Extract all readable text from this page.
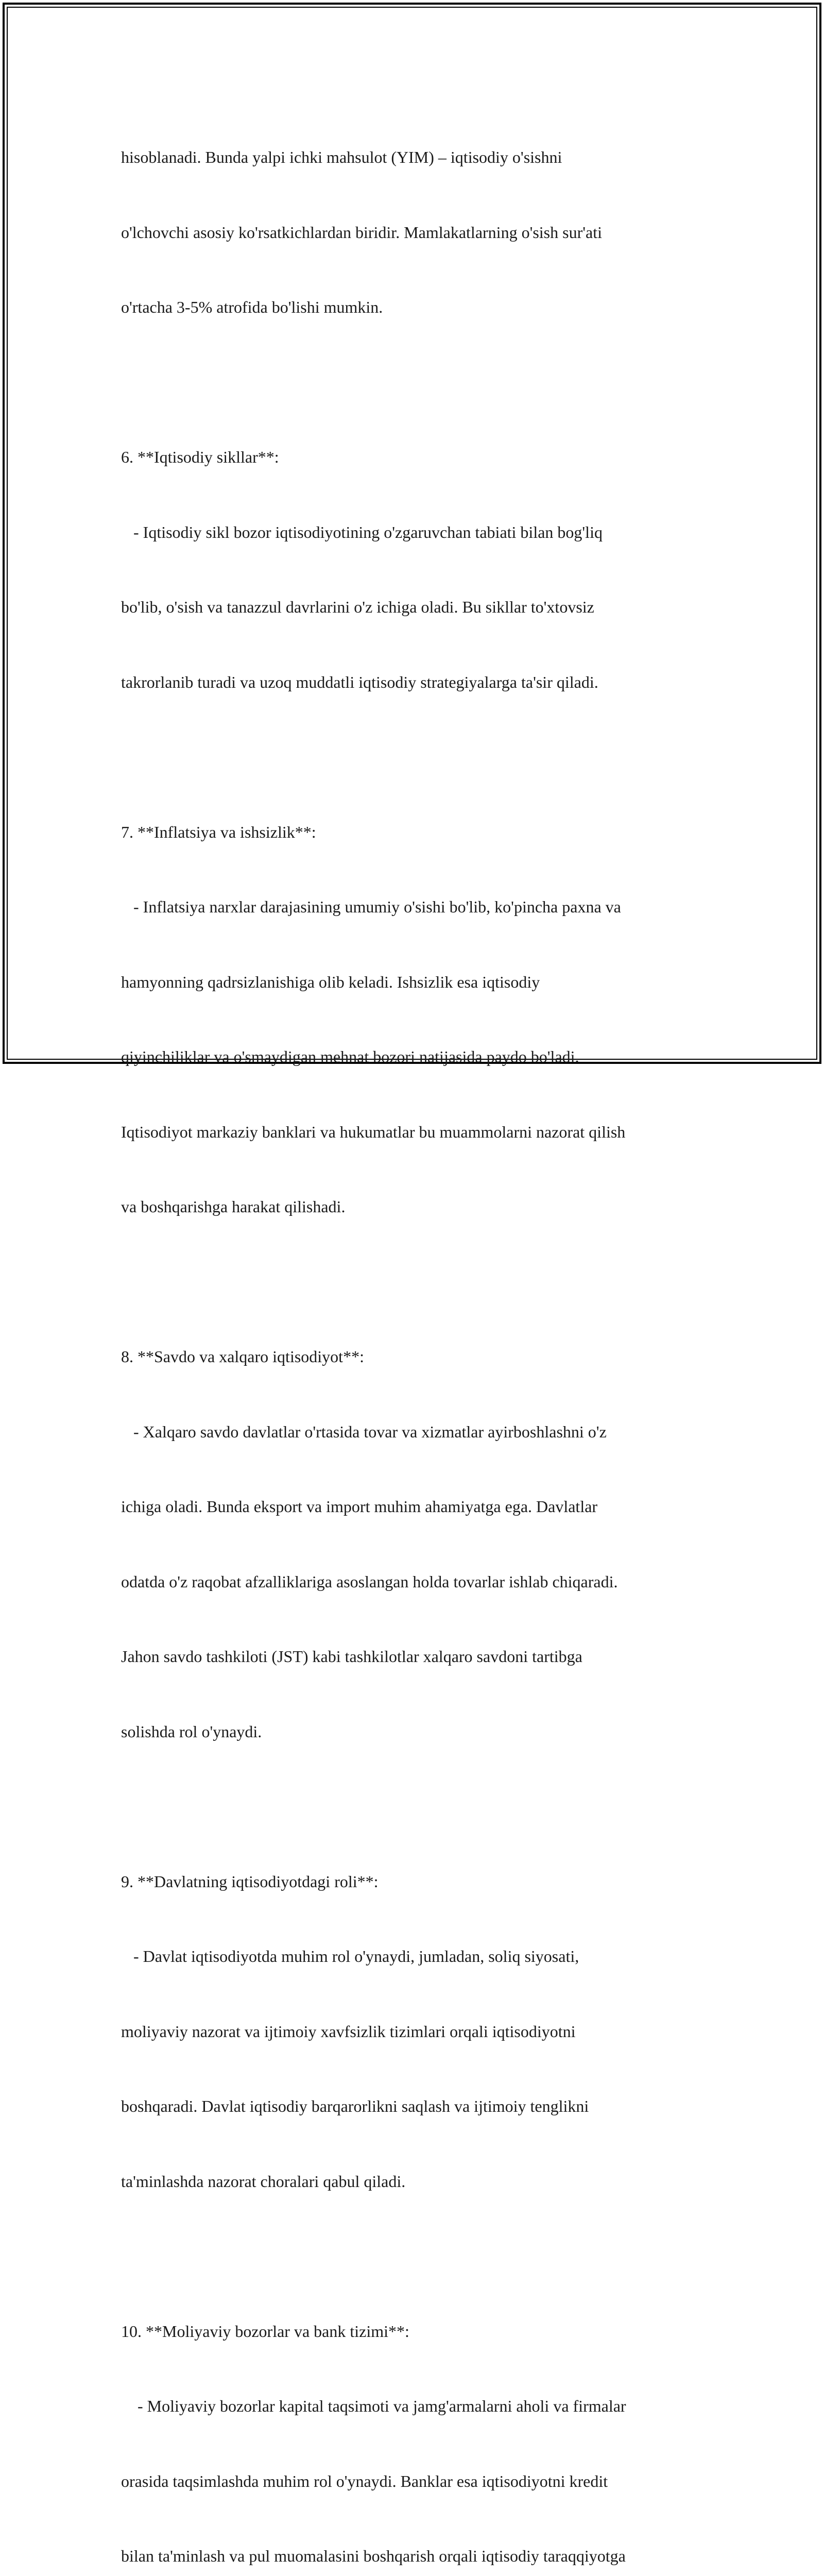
hisoblanadi. Bunda yalpi ichki mahsulot (YIM) – iqtisodiy o'sishni

o'lchovchi asosiy ko'rsatkichlardan biridir. Mamlakatlarning o'sish sur'ati

o'rtacha 3-5% atrofida bo'lishi mumkin.

6. **Iqtisodiy sikllar**:

- Iqtisodiy sikl bozor iqtisodiyotining o'zgaruvchan tabiati bilan bog'liq

bo'lib, o'sish va tanazzul davrlarini o'z ichiga oladi. Bu sikllar to'xtovsiz

takrorlanib turadi va uzoq muddatli iqtisodiy strategiyalarga ta'sir qiladi.

7. **Inflatsiya va ishsizlik**:

- Inflatsiya narxlar darajasining umumiy o'sishi bo'lib, ko'pincha paxna va

hamyonning qadrsizlanishiga olib keladi. Ishsizlik esa iqtisodiy

qiyinchiliklar va o'smaydigan mehnat bozori natijasida paydo bo'ladi.

Iqtisodiyot markaziy banklari va hukumatlar bu muammolarni nazorat qilish

va boshqarishga harakat qilishadi.

8. **Savdo va xalqaro iqtisodiyot**:

- Xalqaro savdo davlatlar o'rtasida tovar va xizmatlar ayirboshlashni o'z

ichiga oladi. Bunda eksport va import muhim ahamiyatga ega. Davlatlar

odatda o'z raqobat afzalliklariga asoslangan holda tovarlar ishlab chiqaradi.

Jahon savdo tashkiloti (JST) kabi tashkilotlar xalqaro savdoni tartibga

solishda rol o'ynaydi.

9. **Davlatning iqtisodiyotdagi roli**:

- Davlat iqtisodiyotda muhim rol o'ynaydi, jumladan, soliq siyosati,

moliyaviy nazorat va ijtimoiy xavfsizlik tizimlari orqali iqtisodiyotni

boshqaradi. Davlat iqtisodiy barqarorlikni saqlash va ijtimoiy tenglikni

ta'minlashda nazorat choralari qabul qiladi.

10. **Moliyaviy bozorlar va bank tizimi**:

- Moliyaviy bozorlar kapital taqsimoti va jamg'armalarni aholi va firmalar

orasida taqsimlashda muhim rol o'ynaydi. Banklar esa iqtisodiyotni kredit

bilan ta'minlash va pul muomalasini boshqarish orqali iqtisodiy taraqqiyotga
